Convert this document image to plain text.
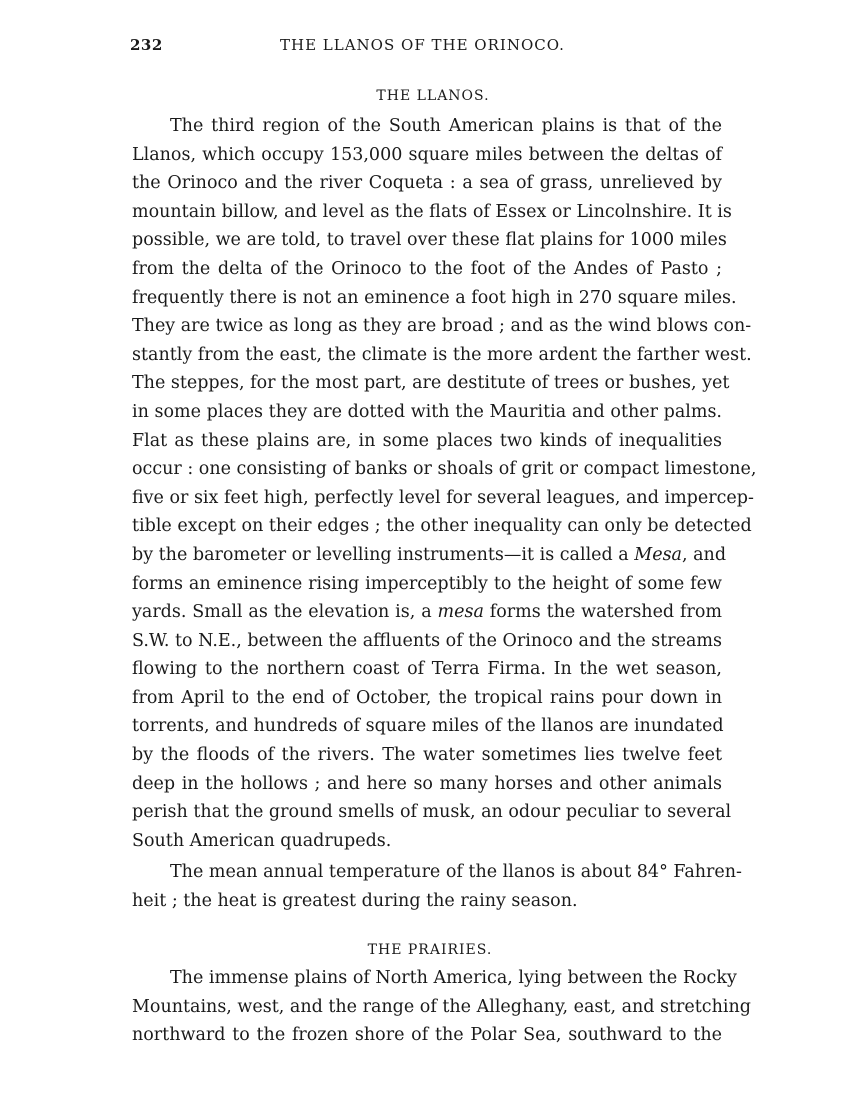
232	THE LLANOS OF THE ORINOCO.
THE LLANOS.
The third region of the South American plains is that of the
Llanos, which occupy 153,000 square miles between the deltas of
the Orinoco and the river Coqueta : a sea of grass, unrelieved by
mountain billow, and level as the flats of Essex or Lincolnshire. It is
possible, we are told, to travel over these flat plains for 1000 miles
from the delta of the Orinoco to the foot of the Andes of Pasto ;
frequently there is not an eminence a foot high in 270 square miles.
They are twice as long as they are broad ; and as the wind blows con-
stantly from the east, the climate is the more ardent the farther west.
The steppes, for the most part, are destitute of trees or bushes, yet
in some places they are dotted with the Mauritia and other palms.
Flat as these plains are, in some places two kinds of inequalities
occur : one consisting of banks or shoals of grit or compact limestone,
five or six feet high, perfectly level for several leagues, and impercep-
tible except on their edges ; the other inequality can only be detected
by the barometer or levelling instruments—it is called a Mesa, and
forms an eminence rising imperceptibly to the height of some few
yards. Small as the elevation is, a mesa forms the watershed from
S.W. to N.E., between the affluents of the Orinoco and the streams
flowing to the northern coast of Terra Firma. In the wet season,
from April to the end of October, the tropical rains pour down in
torrents, and hundreds of square miles of the llanos are inundated
by the floods of the rivers. The water sometimes lies twelve feet
deep in the hollows ; and here so many horses and other animals
perish that the ground smells of musk, an odour peculiar to several
South American quadrupeds.
The mean annual temperature of the llanos is about 84° Fahren-
heit ; the heat is greatest during the rainy season.
THE PRAIRIES.
The immense plains of North America, lying between the Rocky
Mountains, west, and the range of the Alleghany, east, and stretching
northward to the frozen shore of the Polar Sea, southward to the
